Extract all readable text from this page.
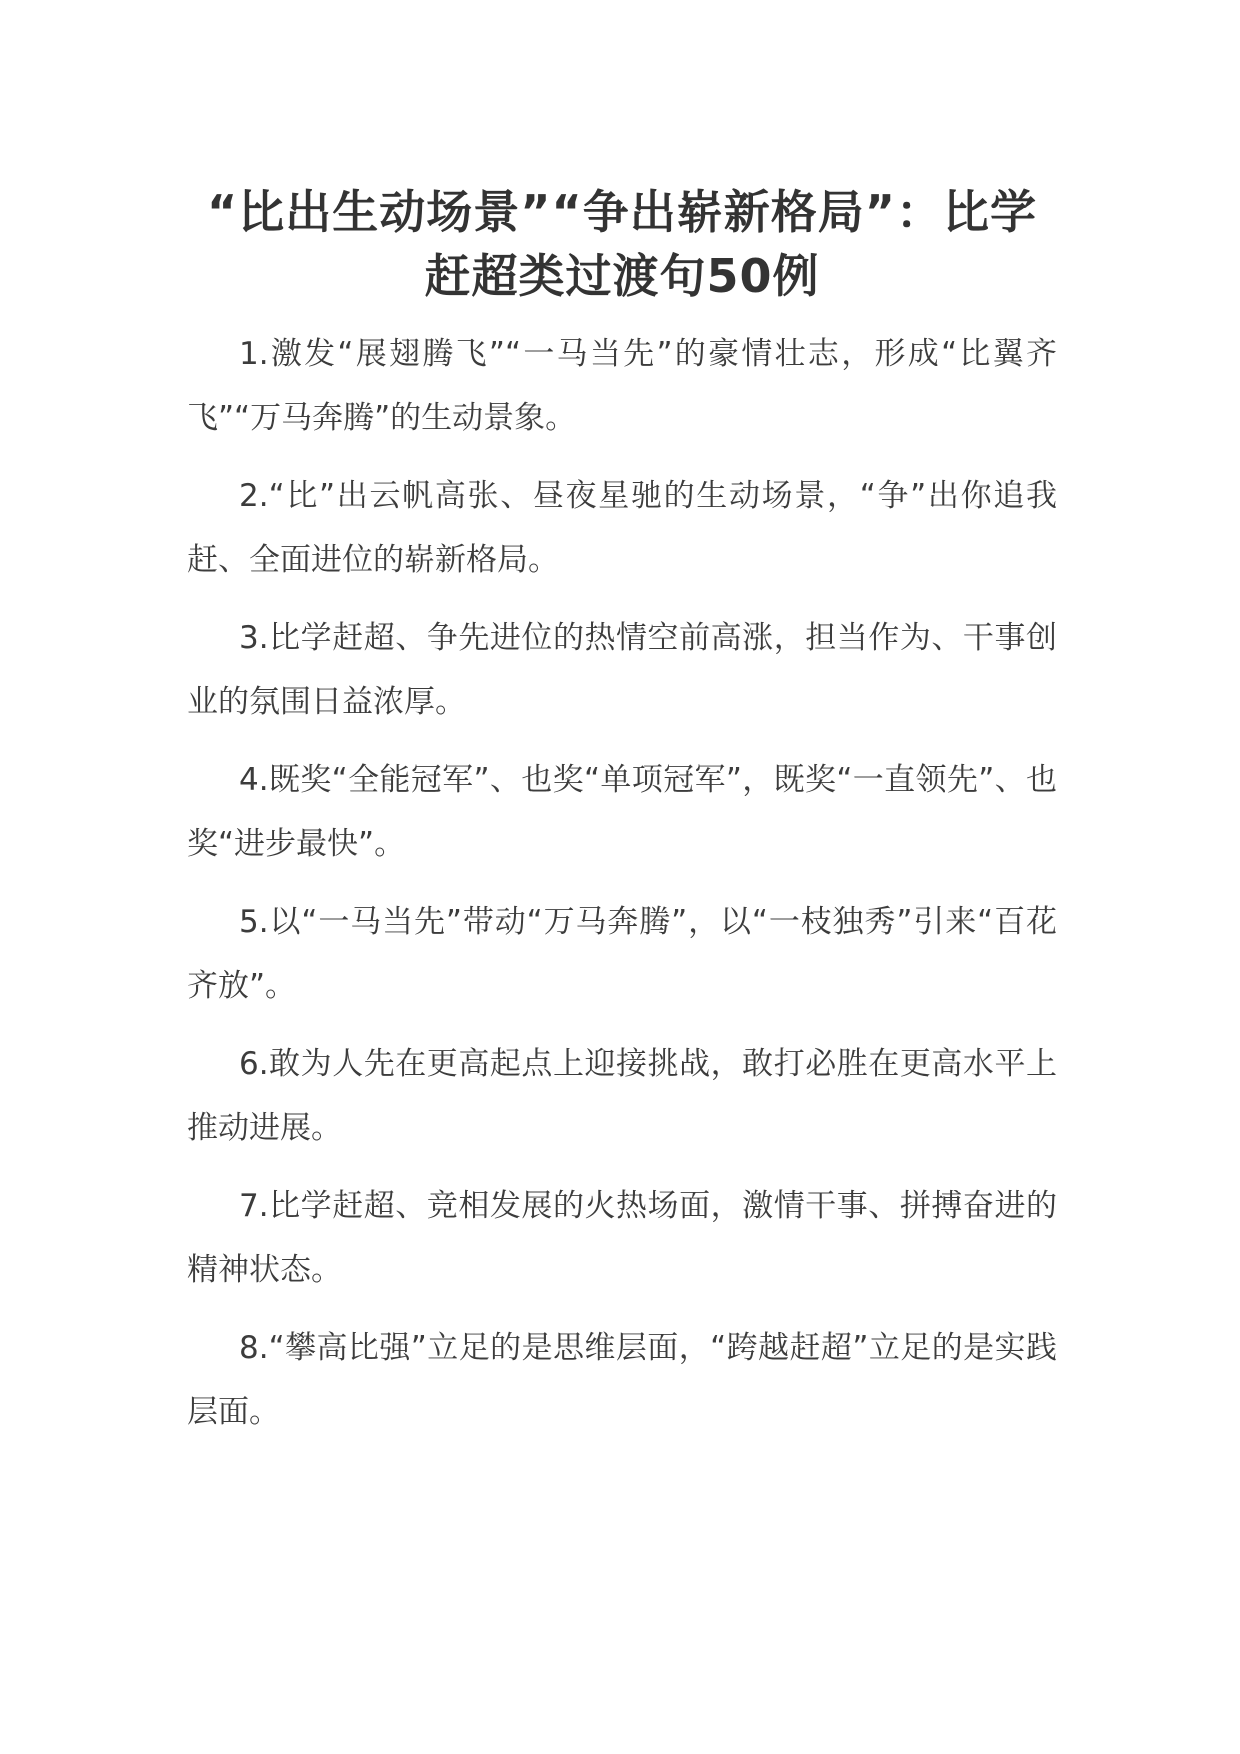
“比出生动场景”“争出崭新格局”：比学赶超类过渡句50例

1.激发“展翅腾飞”“一马当先”的豪情壮志，形成“比翼齐飞”“万马奔腾”的生动景象。

2.“比”出云帆高张、昼夜星驰的生动场景，“争”出你追我赶、全面进位的崭新格局。

3.比学赶超、争先进位的热情空前高涨，担当作为、干事创业的氛围日益浓厚。

4.既奖“全能冠军”、也奖“单项冠军”，既奖“一直领先”、也奖“进步最快”。

5.以“一马当先”带动“万马奔腾”，以“一枝独秀”引来“百花齐放”。

6.敢为人先在更高起点上迎接挑战，敢打必胜在更高水平上推动进展。

7.比学赶超、竞相发展的火热场面，激情干事、拼搏奋进的精神状态。

8.“攀高比强”立足的是思维层面，“跨越赶超”立足的是实践层面。
